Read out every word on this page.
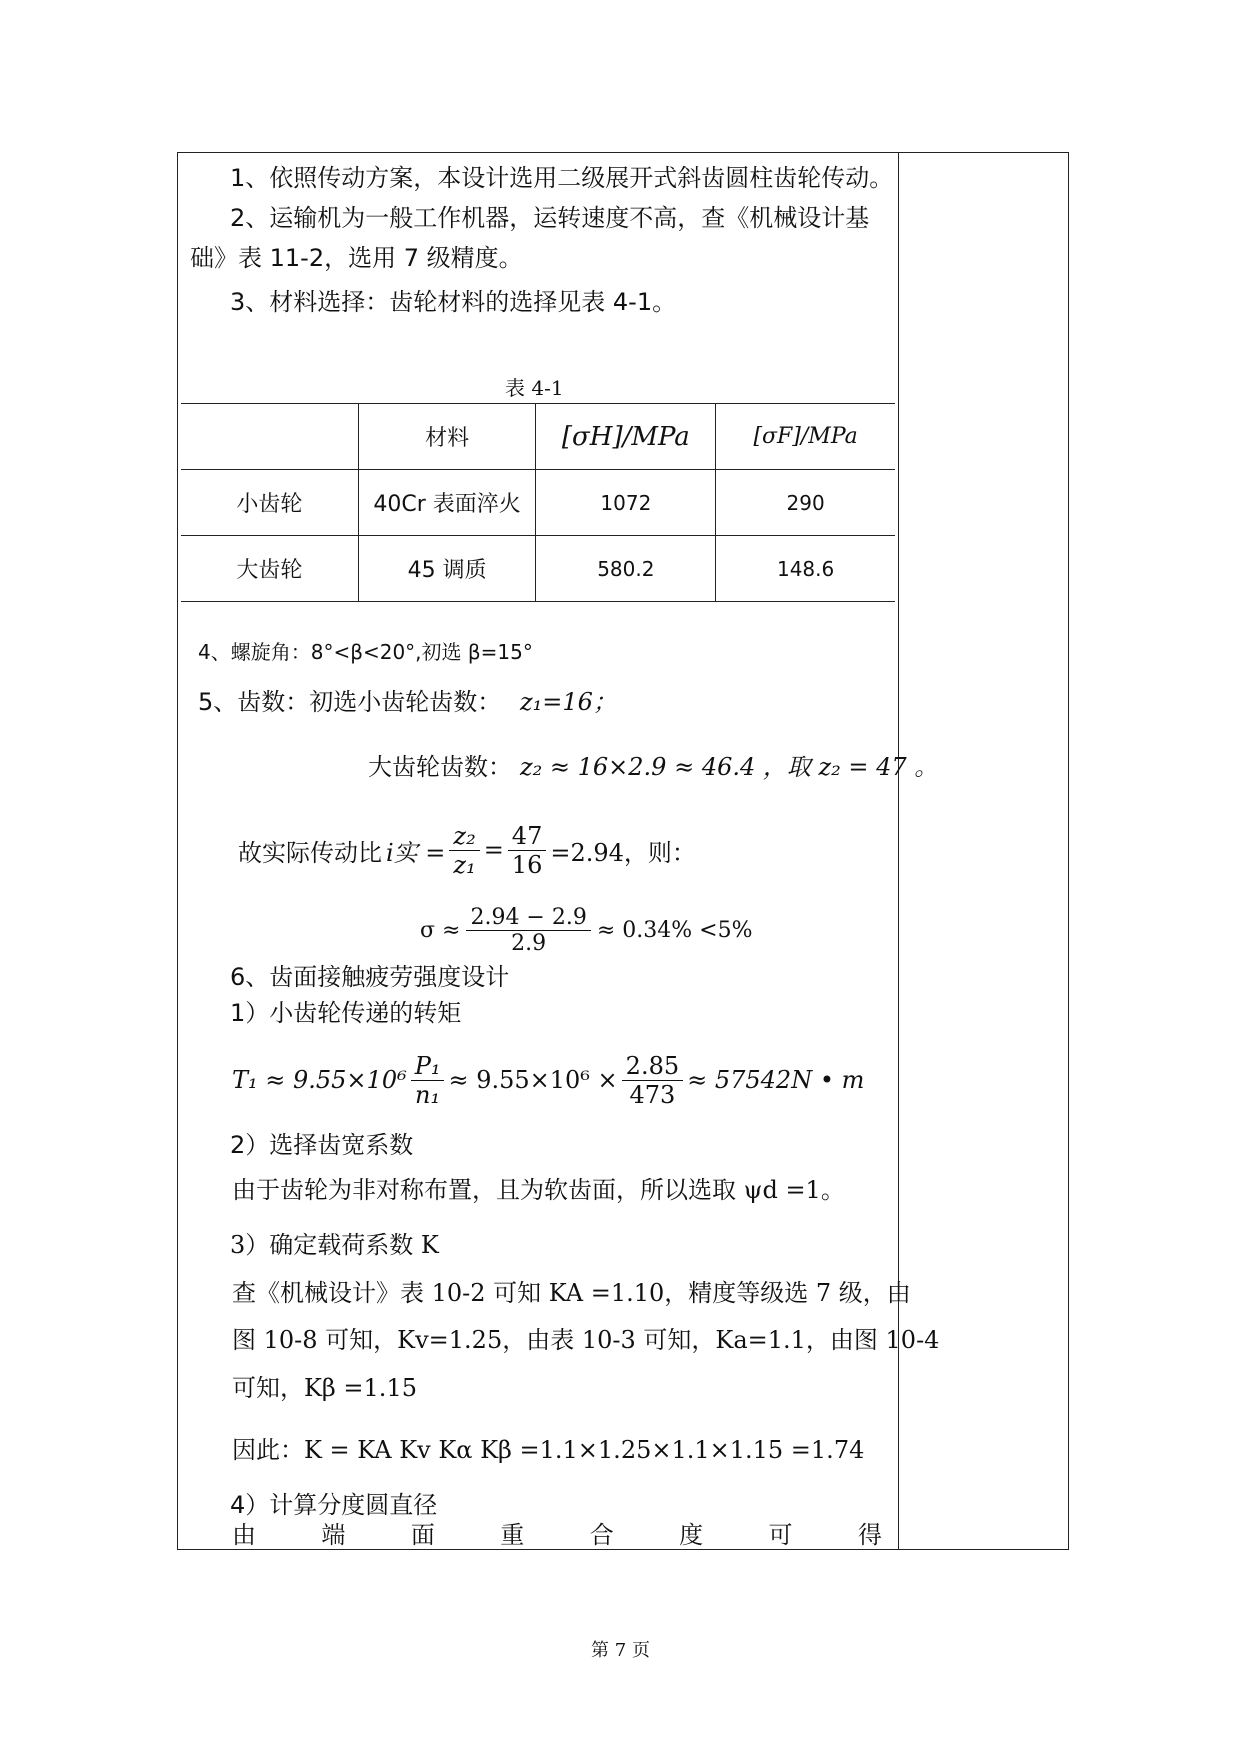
1、依照传动方案，本设计选用二级展开式斜齿圆柱齿轮传动。
2、运输机为一般工作机器，运转速度不高，查《机械设计基
础》表 11-2，选用 7 级精度。
3、材料选择：齿轮材料的选择见表 4-1。
表 4-1
	材料	[σH]/MPa	[σF]/MPa
小齿轮	40Cr 表面淬火	1072	290
大齿轮	45 调质	580.2	148.6
4、螺旋角：8°<β<20°,初选 β=15°
5、齿数：初选小齿轮齿数： z₁=16；
大齿轮齿数： z₂ ≈ 16×2.9 ≈ 46.4 ，取 z₂ = 47 。
故实际传动比 i实 = $\frac{\text{z₂}}{\text{z₁}} = \frac{47}{16} =2.94$，则：
$\sigma \approx \frac{2.94 - 2.9}{2.9} \approx 0.34\% <5\%$
6、齿面接触疲劳强度设计
1）小齿轮传递的转矩
$T_1 \approx 9.55\times 10^6 \frac{\text{P₁}}{\text{n₁}} \approx 9.55\times 10^6 \times \frac{2.85}{473} \approx 57542N$ • m
2）选择齿宽系数
由于齿轮为非对称布置，且为软齿面，所以选取 ψd =1。
3）确定载荷系数 K
查《机械设计》表 10-2 可知 KA =1.10，精度等级选 7 级，由
图 10-8 可知，Kv=1.25，由表 10-3 可知，Ka=1.1，由图 10-4
可知，Kβ =1.15
因此：K = KA Kv Kα Kβ =1.1×1.25×1.1×1.15 =1.74
4）计算分度圆直径
由	端	面	重	合	度	可	得
第 7 页
